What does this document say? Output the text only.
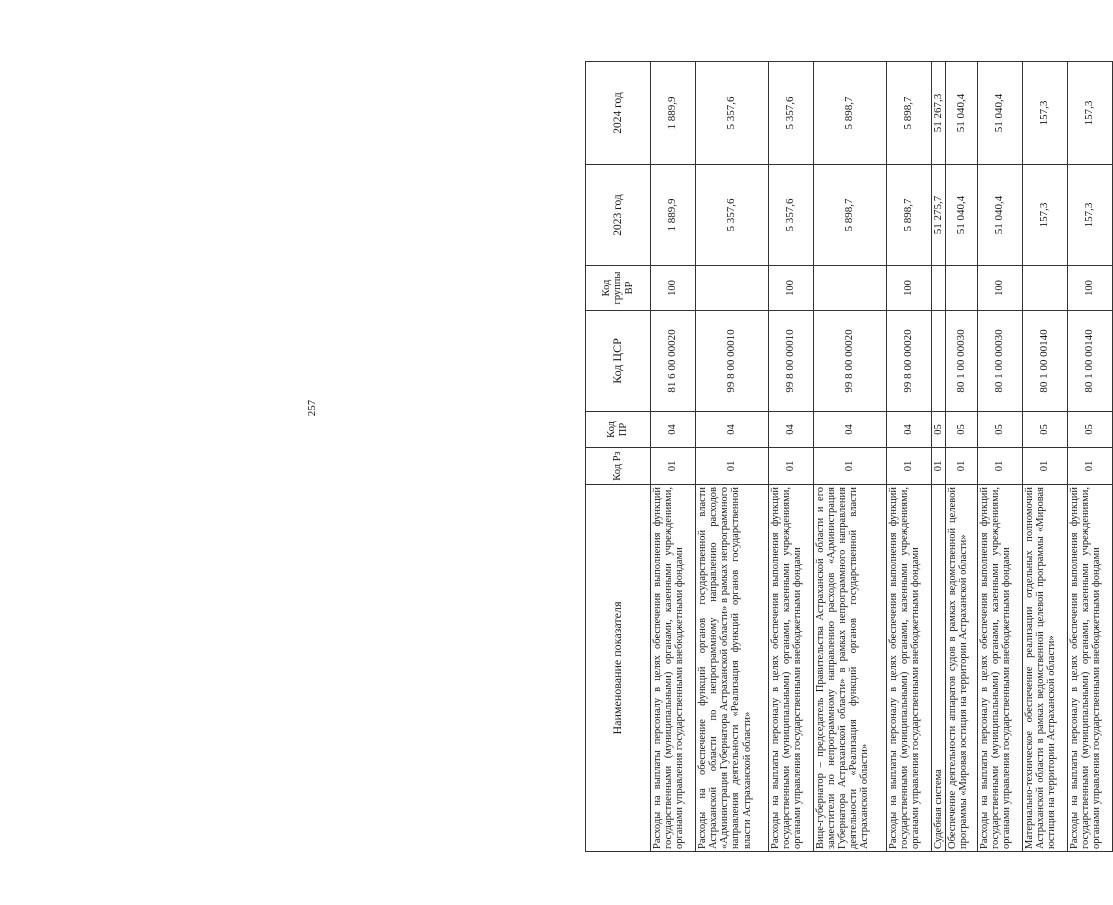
257
Наименование показателя	Код Рз	Код ПР	Код ЦСР	Код группы ВР	2023 год	2024 год
Расходы на выплаты персоналу в целях обеспечения выполнения функций государственными (муниципальными) органами, казенными учреждениями, органами управления государственными внебюджетными фондами	01	04	81 6 00 00020	100	1 889,9	1 889,9
Расходы на обеспечение функций органов государственной власти Астраханской области по непрограммному направлению расходов «Администрация Губернатора Астраханской области» в рамках непрограммного направления деятельности «Реализация функций органов государственной власти Астраханской области»	01	04	99 8 00 00010		5 357,6	5 357,6
Расходы на выплаты персоналу в целях обеспечения выполнения функций государственными (муниципальными) органами, казенными учреждениями, органами управления государственными внебюджетными фондами	01	04	99 8 00 00010	100	5 357,6	5 357,6
Вице-губернатор – председатель Правительства Астраханской области и его заместители по непрограммному направлению расходов «Администрация Губернатора Астраханской области» в рамках непрограммного направления деятельности «Реализация функций органов государственной власти Астраханской области»	01	04	99 8 00 00020		5 898,7	5 898,7
Расходы на выплаты персоналу в целях обеспечения выполнения функций государственными (муниципальными) органами, казенными учреждениями, органами управления государственными внебюджетными фондами	01	04	99 8 00 00020	100	5 898,7	5 898,7
Судебная система	01	05			51 275,7	51 267,3
Обеспечение деятельности аппаратов судов в рамках ведомственной целевой программы «Мировая юстиция на территории Астраханской области»	01	05	80 1 00 00030		51 040,4	51 040,4
Расходы на выплаты персоналу в целях обеспечения выполнения функций государственными (муниципальными) органами, казенными учреждениями, органами управления государственными внебюджетными фондами	01	05	80 1 00 00030	100	51 040,4	51 040,4
Материально-техническое обеспечение реализации отдельных полномочий Астраханской области в рамках ведомственной целевой программы «Мировая юстиция на территории Астраханской области»	01	05	80 1 00 00140		157,3	157,3
Расходы на выплаты персоналу в целях обеспечения выполнения функций государственными (муниципальными) органами, казенными учреждениями, органами управления государственными внебюджетными фондами	01	05	80 1 00 00140	100	157,3	157,3
